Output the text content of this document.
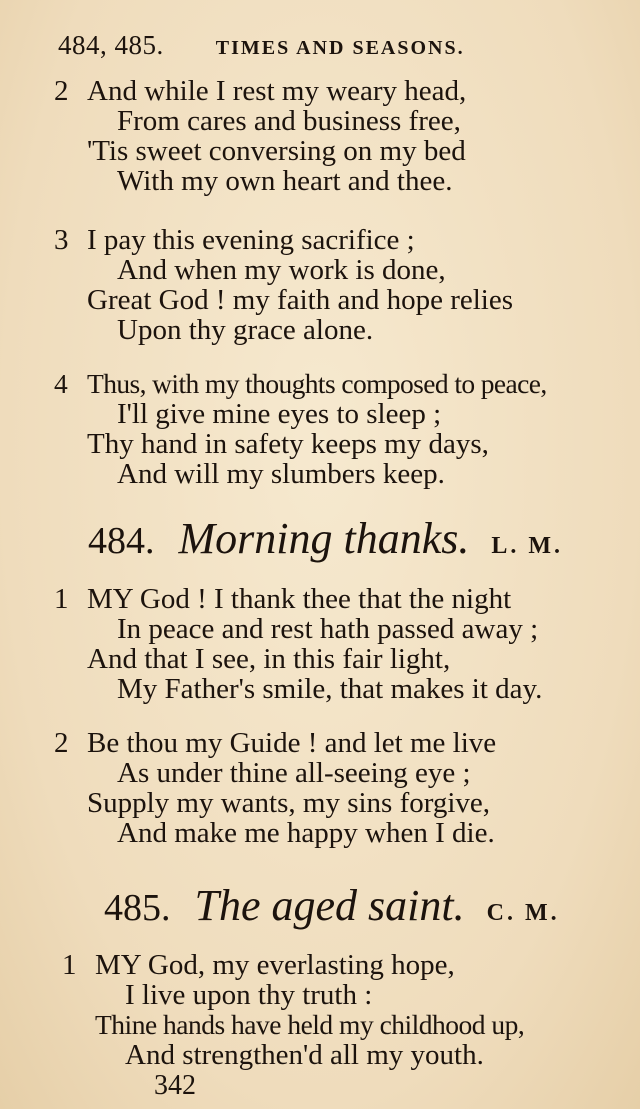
484, 485.	TIMES AND SEASONS.
2 And while I rest my weary head,
From cares and business free,
'Tis sweet conversing on my bed
With my own heart and thee.
3 I pay this evening sacrifice ;
And when my work is done,
Great God ! my faith and hope relies
Upon thy grace alone.
4 Thus, with my thoughts composed to peace,
I'll give mine eyes to sleep ;
Thy hand in safety keeps my days,
And will my slumbers keep.
484. Morning thanks. L. M.
1 MY God ! I thank thee that the night
In peace and rest hath passed away ;
And that I see, in this fair light,
My Father's smile, that makes it day.
2 Be thou my Guide ! and let me live
As under thine all-seeing eye ;
Supply my wants, my sins forgive,
And make me happy when I die.
485. The aged saint. C. M.
1 MY God, my everlasting hope,
I live upon thy truth :
Thine hands have held my childhood up,
And strengthen'd all my youth.
342
